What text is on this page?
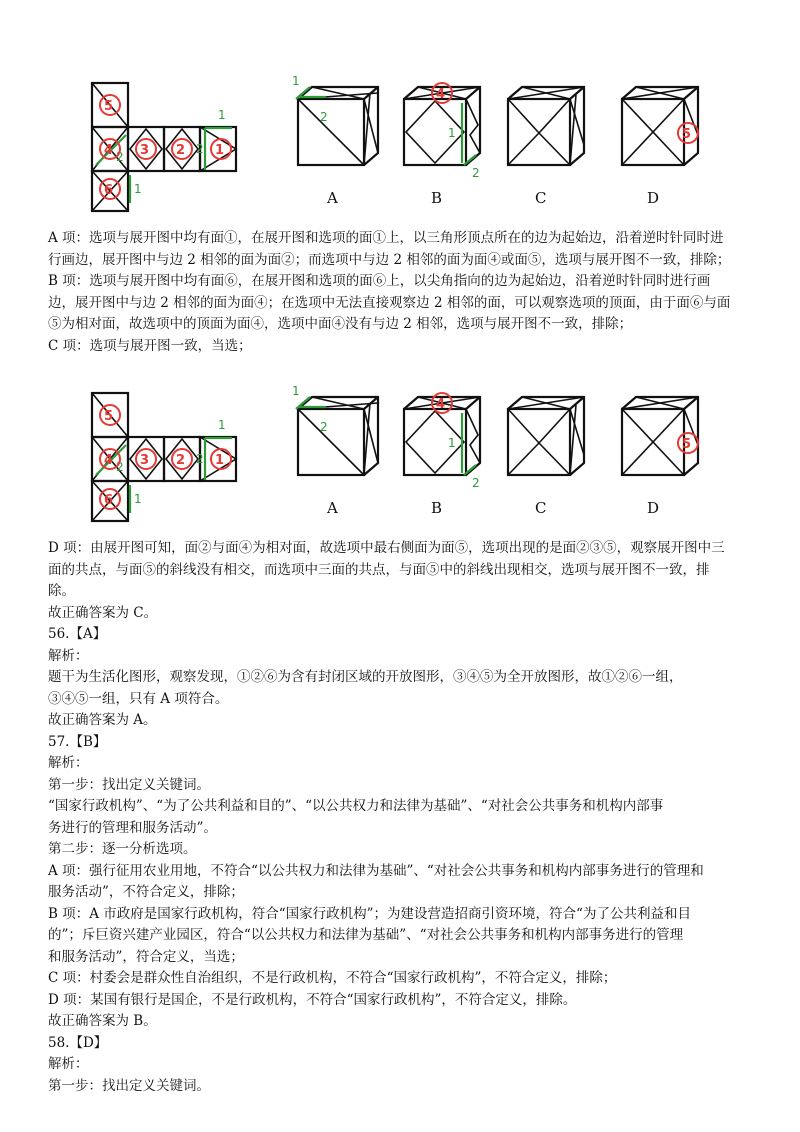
1
2
2
1
5
4 3 2 1
6
1
2
A
4
1
2
B	C
5
D

A 项：选项与展开图中均有面①，在展开图和选项的面①上，以三角形顶点所在的边为起始边，沿着逆时针同时进

行画边，展开图中与边 2 相邻的面为面②；而选项中与边 2 相邻的面为面④或面⑤，选项与展开图不一致，排除；

B 项：选项与展开图中均有面⑥，在展开图和选项的面⑥上，以尖角指向的边为起始边，沿着逆时针同时进行画

边，展开图中与边 2 相邻的面为面④；在选项中无法直接观察边 2 相邻的面，可以观察选项的顶面，由于面⑥与面

⑤为相对面，故选项中的顶面为面④，选项中面④没有与边 2 相邻，选项与展开图不一致，排除；

C 项：选项与展开图一致，当选；

1
2
2
1
5
4 3 2 1
6
1
2
A
4
1
2
B	C
5
D

D 项：由展开图可知，面②与面④为相对面，故选项中最右侧面为面⑤，选项出现的是面②③⑤，观察展开图中三

面的共点，与面⑤的斜线没有相交，而选项中三面的共点，与面⑤中的斜线出现相交，选项与展开图不一致，排

除。

故正确答案为 C。

56.【A】

解析：

题干为生活化图形，观察发现，①②⑥为含有封闭区域的开放图形，③④⑤为全开放图形，故①②⑥一组，

③④⑤一组，只有 A 项符合。

故正确答案为 A。

57.【B】

解析：

第一步：找出定义关键词。

“国家行政机构”、“为了公共利益和目的”、“以公共权力和法律为基础”、“对社会公共事务和机构内部事

务进行的管理和服务活动”。

第二步：逐一分析选项。

A 项：强行征用农业用地，不符合“以公共权力和法律为基础”、“对社会公共事务和机构内部事务进行的管理和

服务活动”，不符合定义，排除；

B 项：A 市政府是国家行政机构，符合“国家行政机构”；为建设营造招商引资环境，符合“为了公共利益和目

的”；斥巨资兴建产业园区，符合“以公共权力和法律为基础”、“对社会公共事务和机构内部事务进行的管理

和服务活动”，符合定义，当选；

C 项：村委会是群众性自治组织，不是行政机构，不符合“国家行政机构”，不符合定义，排除；

D 项：某国有银行是国企，不是行政机构，不符合“国家行政机构”，不符合定义，排除。

故正确答案为 B。

58.【D】

解析：

第一步：找出定义关键词。
